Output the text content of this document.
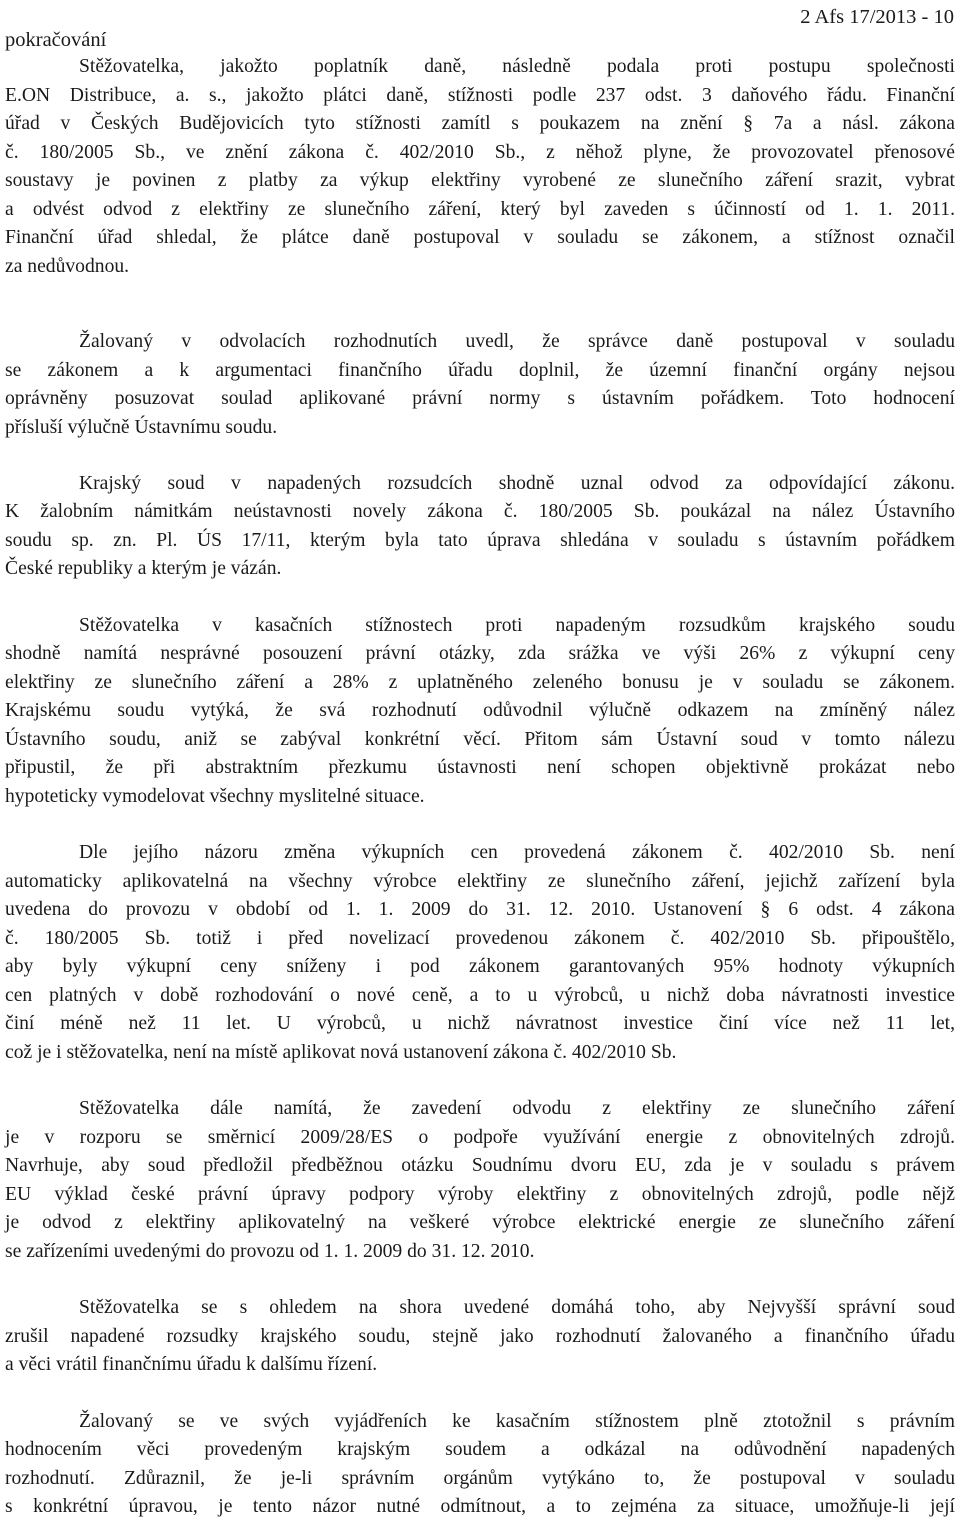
pokračování
2 Afs 17/2013 - 10
Stěžovatelka, jakožto poplatník daně, následně podala proti postupu společnosti
E.ON Distribuce, a. s., jakožto plátci daně, stížnosti podle 237 odst. 3 daňového řádu. Finanční
úřad v Českých Budějovicích tyto stížnosti zamítl s poukazem na znění § 7a a násl. zákona
č. 180/2005 Sb., ve znění zákona č. 402/2010 Sb., z něhož plyne, že provozovatel přenosové
soustavy je povinen z platby za výkup elektřiny vyrobené ze slunečního záření srazit, vybrat
a odvést odvod z elektřiny ze slunečního záření, který byl zaveden s účinností od 1. 1. 2011.
Finanční úřad shledal, že plátce daně postupoval v souladu se zákonem, a stížnost označil
za nedůvodnou.
Žalovaný v odvolacích rozhodnutích uvedl, že správce daně postupoval v souladu
se zákonem a k argumentaci finančního úřadu doplnil, že územní finanční orgány nejsou
oprávněny posuzovat soulad aplikované právní normy s ústavním pořádkem. Toto hodnocení
přísluší výlučně Ústavnímu soudu.
Krajský soud v napadených rozsudcích shodně uznal odvod za odpovídající zákonu.
K žalobním námitkám neústavnosti novely zákona č. 180/2005 Sb. poukázal na nález Ústavního
soudu sp. zn. Pl. ÚS 17/11, kterým byla tato úprava shledána v souladu s ústavním pořádkem
České republiky a kterým je vázán.
Stěžovatelka v kasačních stížnostech proti napadeným rozsudkům krajského soudu
shodně namítá nesprávné posouzení právní otázky, zda srážka ve výši 26% z výkupní ceny
elektřiny ze slunečního záření a 28% z uplatněného zeleného bonusu je v souladu se zákonem.
Krajskému soudu vytýká, že svá rozhodnutí odůvodnil výlučně odkazem na zmíněný nález
Ústavního soudu, aniž se zabýval konkrétní věcí. Přitom sám Ústavní soud v tomto nálezu
připustil, že při abstraktním přezkumu ústavnosti není schopen objektivně prokázat nebo
hypoteticky vymodelovat všechny myslitelné situace.
Dle jejího názoru změna výkupních cen provedená zákonem č. 402/2010 Sb. není
automaticky aplikovatelná na všechny výrobce elektřiny ze slunečního záření, jejichž zařízení byla
uvedena do provozu v období od 1. 1. 2009 do 31. 12. 2010. Ustanovení § 6 odst. 4 zákona
č. 180/2005 Sb. totiž i před novelizací provedenou zákonem č. 402/2010 Sb. připouštělo,
aby byly výkupní ceny sníženy i pod zákonem garantovaných 95% hodnoty výkupních
cen platných v době rozhodování o nové ceně, a to u výrobců, u nichž doba návratnosti investice
činí méně než 11 let. U výrobců, u nichž návratnost investice činí více než 11 let,
což je i stěžovatelka, není na místě aplikovat nová ustanovení zákona č. 402/2010 Sb.
Stěžovatelka dále namítá, že zavedení odvodu z elektřiny ze slunečního záření
je v rozporu se směrnicí 2009/28/ES o podpoře využívání energie z obnovitelných zdrojů.
Navrhuje, aby soud předložil předběžnou otázku Soudnímu dvoru EU, zda je v souladu s právem
EU výklad české právní úpravy podpory výroby elektřiny z obnovitelných zdrojů, podle nějž
je odvod z elektřiny aplikovatelný na veškeré výrobce elektrické energie ze slunečního záření
se zařízeními uvedenými do provozu od 1. 1. 2009 do 31. 12. 2010.
Stěžovatelka se s ohledem na shora uvedené domáhá toho, aby Nejvyšší správní soud
zrušil napadené rozsudky krajského soudu, stejně jako rozhodnutí žalovaného a finančního úřadu
a věci vrátil finančnímu úřadu k dalšímu řízení.
Žalovaný se ve svých vyjádřeních ke kasačním stížnostem plně ztotožnil s právním
hodnocením věci provedeným krajským soudem a odkázal na odůvodnění napadených
rozhodnutí. Zdůraznil, že je-li správním orgánům vytýkáno to, že postupoval v souladu
s konkrétní úpravou, je tento názor nutné odmítnout, a to zejména za situace, umožňuje-li její
